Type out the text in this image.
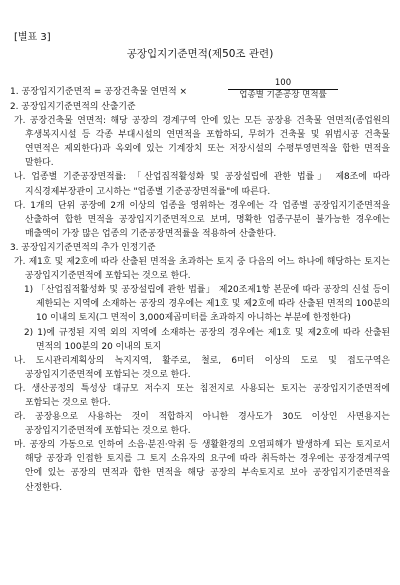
[별표 3]
공장입지기준면적(제50조 관련)
1. 공장입지기준면적 = 공장건축물 연면적 ×
100
업종별 기준공장 면적률

2. 공장입지기준면적의 산출기준

가. 공장건축물 연면적: 해당 공장의 경계구역 안에 있는 모든 공장용 건축물 연면적(종업원의 후생복지시설 등 각종 부대시설의 연면적을 포함하되, 무허가 건축물 및 위법시공 건축물 연면적은 제외한다)과 옥외에 있는 기계장치 또는 저장시설의 수평투영면적을 합한 면적을 말한다.

나. 업종별 기준공장면적률: 「산업집적활성화 및 공장설립에 관한 법률」 제8조에 따라 지식경제부장관이 고시하는 "업종별 기준공장면적률"에 따른다.

다. 1개의 단위 공장에 2개 이상의 업종을 영위하는 경우에는 각 업종별 공장입지기준면적을 산출하여 합한 면적을 공장입지기준면적으로 보며, 명확한 업종구분이 불가능한 경우에는 매출액이 가장 많은 업종의 기준공장면적률을 적용하여 산출한다.

3. 공장입지기준면적의 추가 인정기준

가. 제1호 및 제2호에 따라 산출된 면적을 초과하는 토지 중 다음의 어느 하나에 해당하는 토지는 공장입지기준면적에 포함되는 것으로 한다.

1) 「산업집적활성화 및 공장설립에 관한 법률」 제20조제1항 본문에 따라 공장의 신설 등이 제한되는 지역에 소재하는 공장의 경우에는 제1호 및 제2호에 따라 산출된 면적의 100분의 10 이내의 토지(그 면적이 3,000제곱미터를 초과하지 아니하는 부분에 한정한다)

2) 1)에 규정된 지역 외의 지역에 소재하는 공장의 경우에는 제1호 및 제2호에 따라 산출된 면적의 100분의 20 이내의 토지

나. 도시관리계획상의 녹지지역, 활주로, 철로, 6미터 이상의 도로 및 접도구역은 공장입지기준면적에 포함되는 것으로 한다.

다. 생산공정의 특성상 대규모 저수지 또는 침전지로 사용되는 토지는 공장입지기준면적에 포함되는 것으로 한다.

라. 공장용으로 사용하는 것이 적합하지 아니한 경사도가 30도 이상인 사면용지는 공장입지기준면적에 포함되는 것으로 한다.

마. 공장의 가동으로 인하여 소음·분진·악취 등 생활환경의 오염피해가 발생하게 되는 토지로서 해당 공장과 인접한 토지를 그 토지 소유자의 요구에 따라 취득하는 경우에는 공장경계구역 안에 있는 공장의 면적과 합한 면적을 해당 공장의 부속토지로 보아 공장입지기준면적을 산정한다.
